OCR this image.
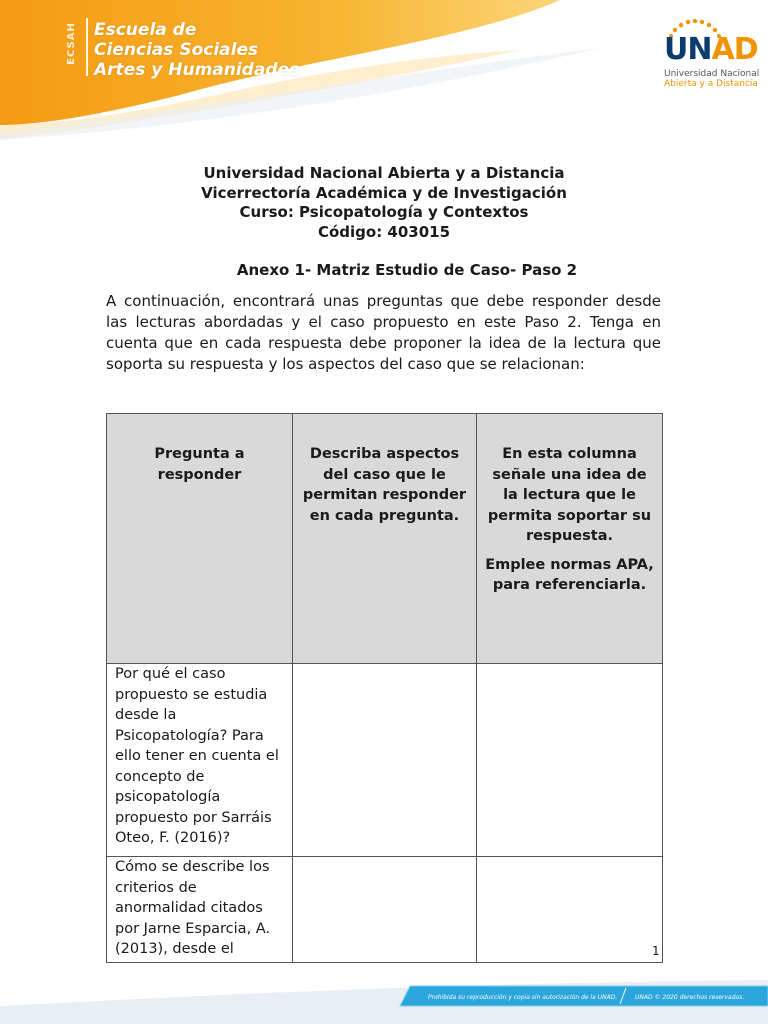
ECSAH Escuela de
Ciencias Sociales
Artes y Humanidades
UNAD
Universidad Nacional
Abierta y a Distancia
Universidad Nacional Abierta y a Distancia
Vicerrectoría Académica y de Investigación
Curso: Psicopatología y Contextos
Código: 403015
Anexo 1- Matriz Estudio de Caso- Paso 2
A continuación, encontrará unas preguntas que debe responder desde las lecturas abordadas y el caso propuesto en este Paso 2. Tenga en cuenta que en cada respuesta debe proponer la idea de la lectura que soporta su respuesta y los aspectos del caso que se relacionan:

Pregunta a responder	Describa aspectos del caso que le permitan responder en cada pregunta.	En esta columna señale una idea de la lectura que le permita soportar su respuesta.

Emplee normas APA, para referenciarla.

Por qué el caso propuesto se estudia desde la Psicopatología? Para ello tener en cuenta el concepto de psicopatología propuesto por Sarráis Oteo, F. (2016)?		
Cómo se describe los criterios de anormalidad citados por Jarne Esparcia, A. (2013), desde el			1
Prohibida su reproducción y copia sin autorización de la UNAD.	UNAD © 2020 derechos reservados.
